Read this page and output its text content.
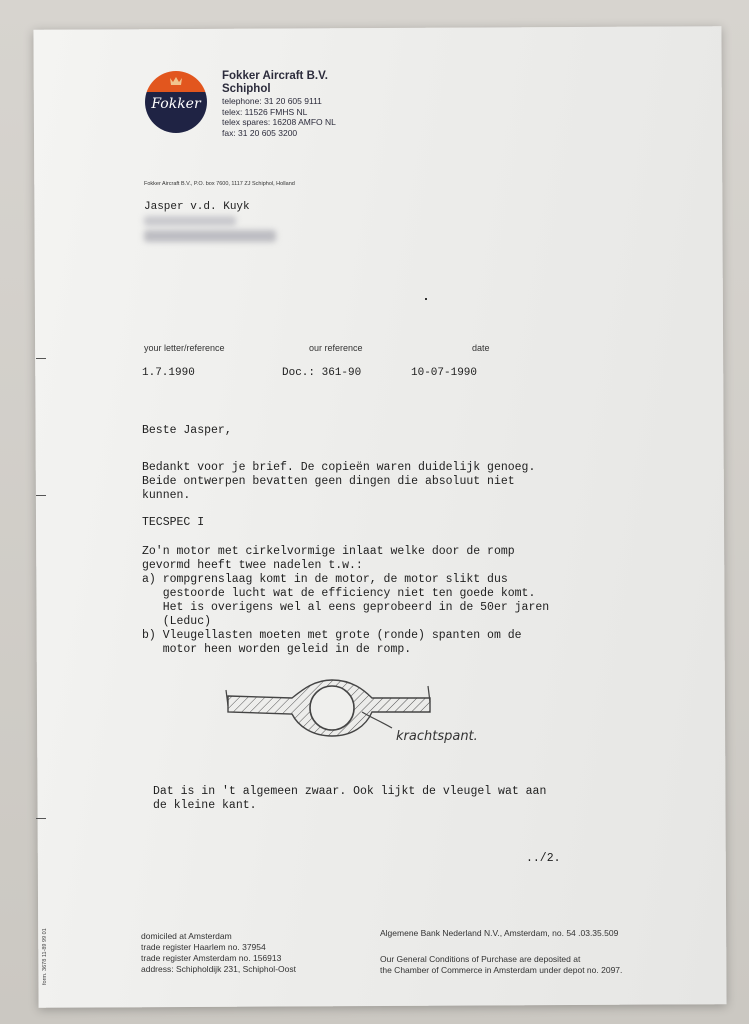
Fokker
Fokker Aircraft B.V.
Schiphol
telephone: 31 20 605 9111
telex: 11526 FMHS NL
telex spares: 16208 AMFO NL
fax: 31 20 605 3200
Fokker Aircraft B.V., P.O. box 7600, 1117 ZJ Schiphol, Holland
Jasper v.d. Kuyk
your letter/reference	our reference	date
1.7.1990	Doc.: 361-90	10-07-1990
Beste Jasper,
Bedankt voor je brief. De copieën waren duidelijk genoeg.
Beide ontwerpen bevatten geen dingen die absoluut niet
kunnen.
TECSPEC I
Zo'n motor met cirkelvormige inlaat welke door de romp
gevormd heeft twee nadelen t.w.:
a) rompgrenslaag komt in de motor, de motor slikt dus
gestoorde lucht wat de efficiency niet ten goede komt.
Het is overigens wel al eens geprobeerd in de 50er jaren
(Leduc)
b) Vleugellasten moeten met grote (ronde) spanten om de
motor heen worden geleid in de romp.
krachtspant.
Dat is in 't algemeen zwaar. Ook lijkt de vleugel wat aan
de kleine kant.
../2.
domiciled at Amsterdam
trade register Haarlem no. 37954
trade register Amsterdam no. 156913
address: Schipholdijk 231, Schiphol-Oost
Algemene Bank Nederland N.V., Amsterdam, no. 54 .03.35.509
Our General Conditions of Purchase are deposited at
the Chamber of Commerce in Amsterdam under depot no. 2097.
form. 3678 11-89 99 01
